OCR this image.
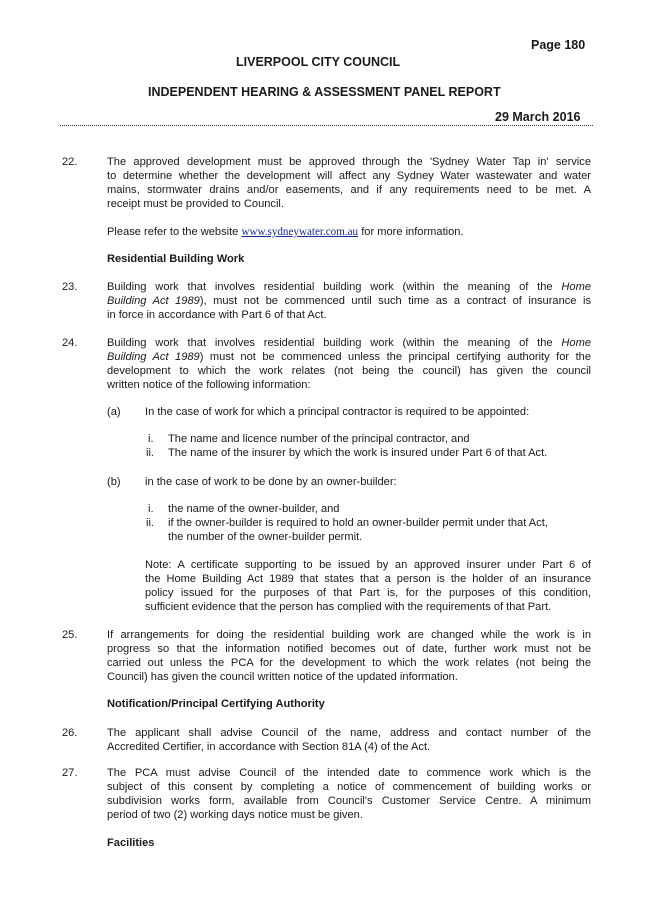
Page 180
LIVERPOOL CITY COUNCIL
INDEPENDENT HEARING & ASSESSMENT PANEL REPORT
29 March 2016
22.	The approved development must be approved through the 'Sydney Water Tap in' service
to determine whether the development will affect any Sydney Water wastewater and water
mains, stormwater drains and/or easements, and if any requirements need to be met. A
receipt must be provided to Council.
Please refer to the website www.sydneywater.com.au for more information.
Residential Building Work
23.	Building work that involves residential building work (within the meaning of the Home
Building Act 1989), must not be commenced until such time as a contract of insurance is
in force in accordance with Part 6 of that Act.
24.	Building work that involves residential building work (within the meaning of the Home
Building Act 1989) must not be commenced unless the principal certifying authority for the
development to which the work relates (not being the council) has given the council
written notice of the following information:
(a) In the case of work for which a principal contractor is required to be appointed:
i. The name and licence number of the principal contractor, and
ii. The name of the insurer by which the work is insured under Part 6 of that Act.
(b) in the case of work to be done by an owner-builder:
i. the name of the owner-builder, and
ii. if the owner-builder is required to hold an owner-builder permit under that Act,
the number of the owner-builder permit.
Note: A certificate supporting to be issued by an approved insurer under Part 6 of
the Home Building Act 1989 that states that a person is the holder of an insurance
policy issued for the purposes of that Part is, for the purposes of this condition,
sufficient evidence that the person has complied with the requirements of that Part.
25.	If arrangements for doing the residential building work are changed while the work is in
progress so that the information notified becomes out of date, further work must not be
carried out unless the PCA for the development to which the work relates (not being the
Council) has given the council written notice of the updated information.
Notification/Principal Certifying Authority
26.	The applicant shall advise Council of the name, address and contact number of the
Accredited Certifier, in accordance with Section 81A (4) of the Act.
27.	The PCA must advise Council of the intended date to commence work which is the
subject of this consent by completing a notice of commencement of building works or
subdivision works form, available from Council's Customer Service Centre. A minimum
period of two (2) working days notice must be given.
Facilities
